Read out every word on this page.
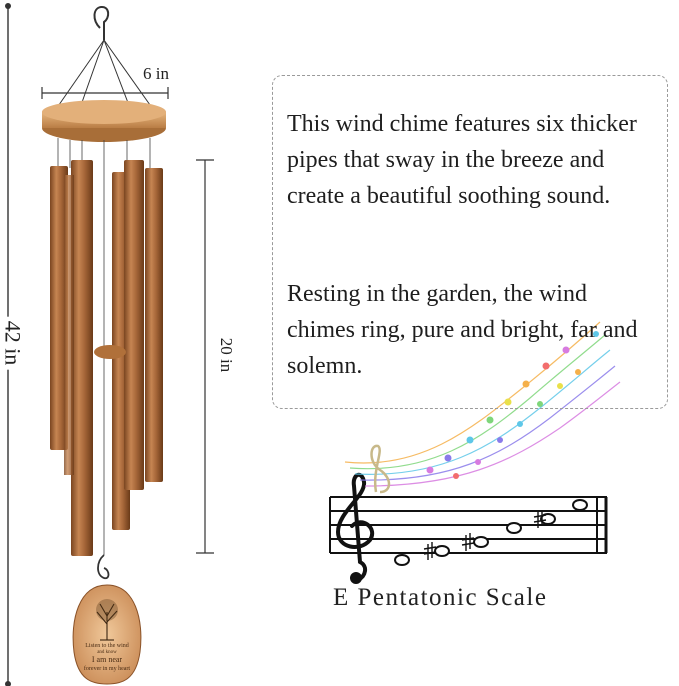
6 in
20 in
42 in
Listen to the wind
and know
I am near
forever in my heart

This wind chime features six thicker pipes that sway in the breeze and create a beautiful soothing sound.

Resting in the garden, the wind chimes ring, pure and bright, far and solemn.

E Pentatonic Scale
